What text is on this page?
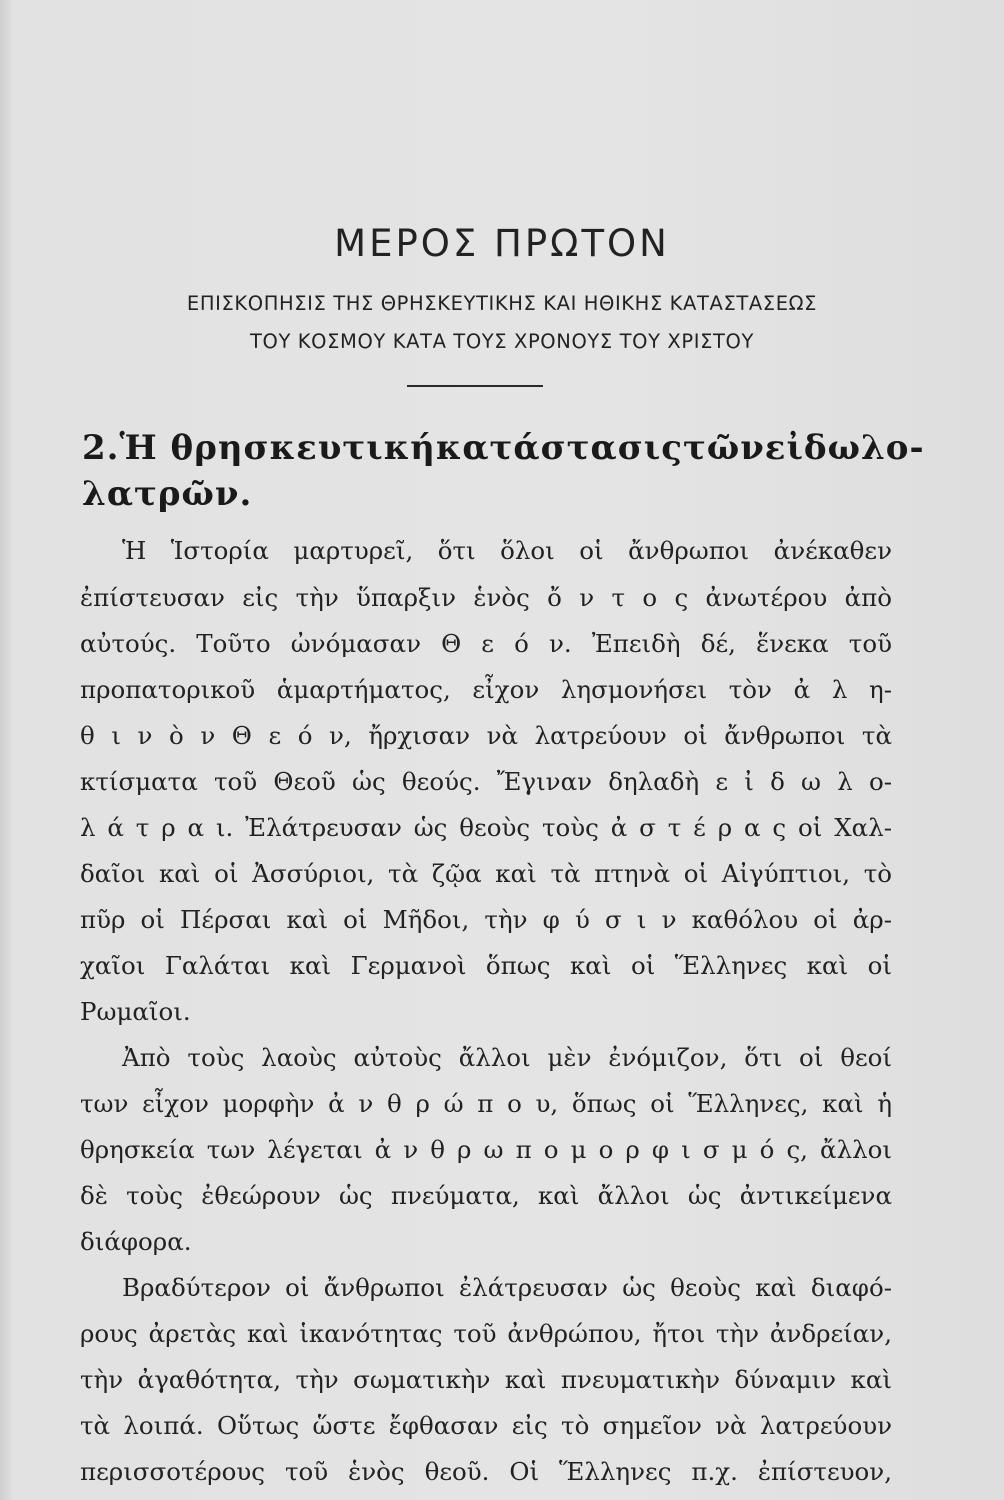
ΜΕΡΟΣ ΠΡΩΤΟΝ
ΕΠΙΣΚΟΠΗΣΙΣ ΤΗΣ ΘΡΗΣΚΕΥΤΙΚΗΣ ΚΑΙ ΗΘΙΚΗΣ ΚΑΤΑΣΤΑΣΕΩΣ
ΤΟΥ ΚΟΣΜΟΥ ΚΑΤΑ ΤΟΥΣ ΧΡΟΝΟΥΣ ΤΟΥ ΧΡΙΣΤΟΥ
2. Ἡ θρησκευτική κατάστασις τῶν εἰδωλο-
λατρῶν.
Ἡ Ἱστορία μαρτυρεῖ, ὅτι ὅλοι οἱ ἄνθρωποι ἀνέκαθεν
ἐπίστευσαν εἰς τὴν ὕπαρξιν ἑνὸς ὄ ν τ ο ς ἀνωτέρου ἀπὸ
αὐτούς. Τοῦτο ὠνόμασαν Θ ε ό ν. Ἐπειδὴ δέ, ἕνεκα τοῦ
προπατορικοῦ ἁμαρτήματος, εἶχον λησμονήσει τὸν ἀ λ η-
θ ι ν ὸ ν Θ ε ό ν, ἤρχισαν νὰ λατρεύουν οἱ ἄνθρωποι τὰ
κτίσματα τοῦ Θεοῦ ὡς θεούς. Ἔγιναν δηλαδὴ ε ἰ δ ω λ ο-
λ ά τ ρ α ι. Ἐλάτρευσαν ὡς θεοὺς τοὺς ἀ σ τ έ ρ α ς οἱ Χαλ-
δαῖοι καὶ οἱ Ἀσσύριοι, τὰ ζῷα καὶ τὰ πτηνὰ οἱ Αἰγύπτιοι, τὸ
πῦρ οἱ Πέρσαι καὶ οἱ Μῆδοι, τὴν φ ύ σ ι ν καθόλου οἱ ἀρ-
χαῖοι Γαλάται καὶ Γερμανοὶ ὅπως καὶ οἱ Ἕλληνες καὶ οἱ
Ρωμαῖοι.
Ἀπὸ τοὺς λαοὺς αὐτοὺς ἄλλοι μὲν ἐνόμιζον, ὅτι οἱ θεοί
των εἶχον μορφὴν ἀ ν θ ρ ώ π ο υ, ὅπως οἱ Ἕλληνες, καὶ ἡ
θρησκεία των λέγεται ἀ ν θ ρ ω π ο μ ο ρ φ ι σ μ ό ς, ἄλλοι
δὲ τοὺς ἐθεώρουν ὡς πνεύματα, καὶ ἄλλοι ὡς ἀντικείμενα
διάφορα.
Βραδύτερον οἱ ἄνθρωποι ἐλάτρευσαν ὡς θεοὺς καὶ διαφό-
ρους ἀρετὰς καὶ ἱκανότητας τοῦ ἀνθρώπου, ἤτοι τὴν ἀνδρείαν,
τὴν ἀγαθότητα, τὴν σωματικὴν καὶ πνευματικὴν δύναμιν καὶ
τὰ λοιπά. Οὕτως ὥστε ἔφθασαν εἰς τὸ σημεῖον νὰ λατρεύουν
περισσοτέρους τοῦ ἑνὸς θεοῦ. Οἱ Ἕλληνες π.χ. ἐπίστευον,
